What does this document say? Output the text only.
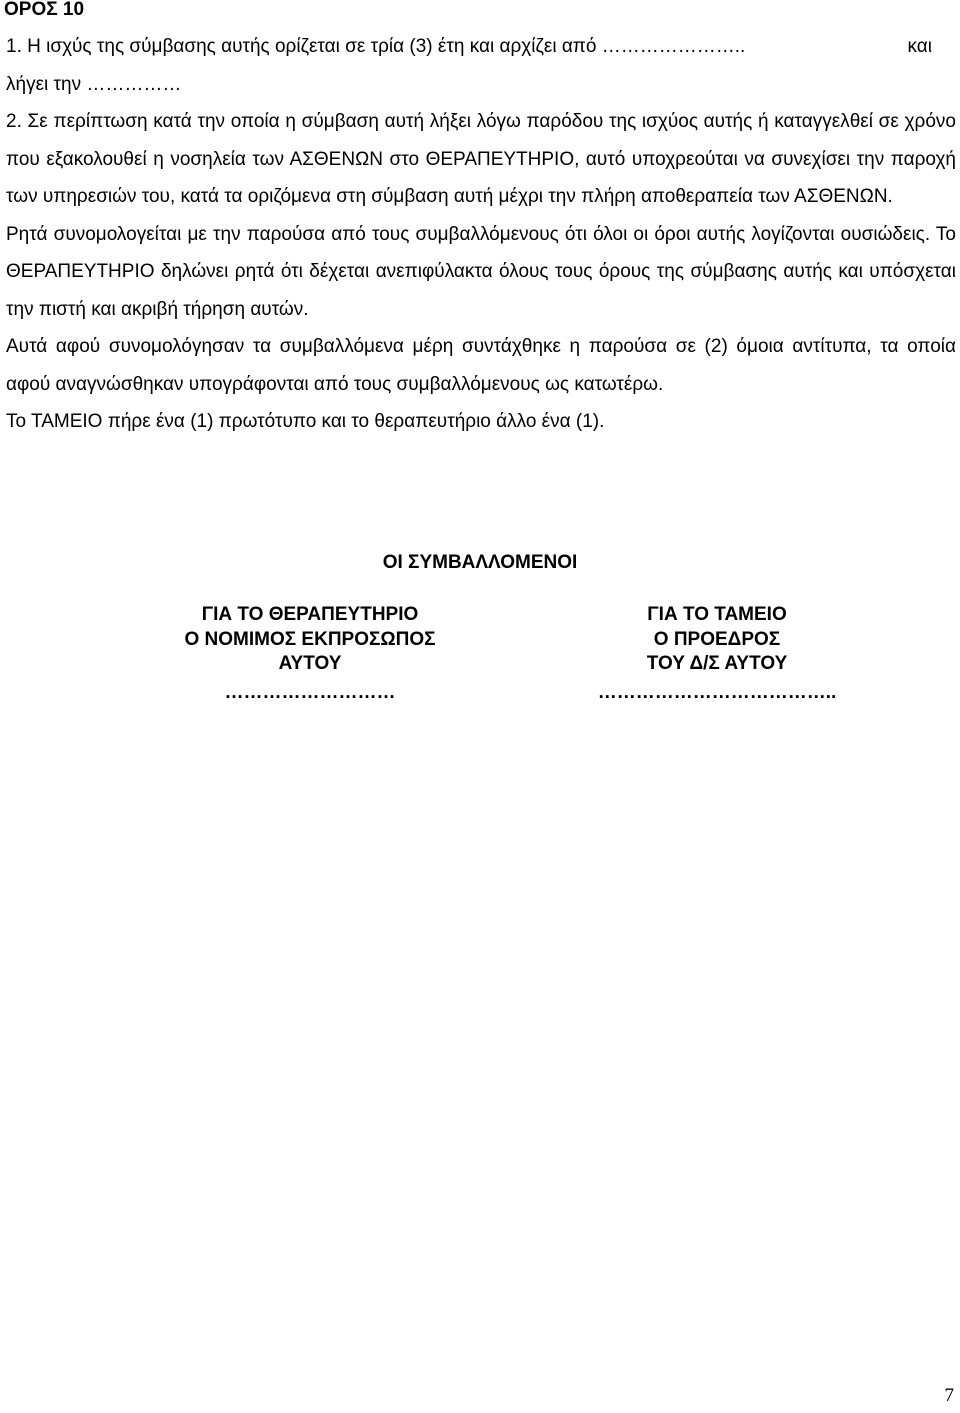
ΟΡΟΣ 10
1. Η ισχύς της σύμβασης αυτής ορίζεται σε τρία (3) έτη και αρχίζει από …………………..	και
λήγει την ……………

2. Σε περίπτωση κατά την οποία η σύμβαση αυτή λήξει λόγω παρόδου της ισχύος αυτής ή καταγγελθεί σε χρόνο που εξακολουθεί η νοσηλεία των ΑΣΘΕΝΩΝ στο ΘΕΡΑΠΕΥΤΗΡΙΟ, αυτό υποχρεούται να συνεχίσει την παροχή των υπηρεσιών του, κατά τα οριζόμενα στη σύμβαση αυτή μέχρι την πλήρη αποθεραπεία των ΑΣΘΕΝΩΝ.

Ρητά συνομολογείται με την παρούσα από τους συμβαλλόμενους ότι όλοι οι όροι αυτής λογίζονται ουσιώδεις. Το ΘΕΡΑΠΕΥΤΗΡΙΟ δηλώνει ρητά ότι δέχεται ανεπιφύλακτα όλους τους όρους της σύμβασης αυτής και υπόσχεται την πιστή και ακριβή τήρηση αυτών.

Αυτά αφού συνομολόγησαν τα συμβαλλόμενα μέρη συντάχθηκε η παρούσα σε (2) όμοια αντίτυπα, τα οποία αφού αναγνώσθηκαν υπογράφονται από τους συμβαλλόμενους ως κατωτέρω.

Το ΤΑΜΕΙΟ πήρε ένα (1) πρωτότυπο και το θεραπευτήριο άλλο ένα (1).

ΟΙ ΣΥΜΒΑΛΛΟΜΕΝΟΙ
ΓΙΑ ΤΟ ΘΕΡΑΠΕΥΤΗΡΙΟ
Ο ΝΟΜΙΜΟΣ ΕΚΠΡΟΣΩΠΟΣ
ΑΥΤΟΥ
………………………
ΓΙΑ ΤΟ ΤΑΜΕΙΟ
Ο ΠΡΟΕΔΡΟΣ
ΤΟΥ Δ/Σ ΑΥΤΟΥ
………………………………..
7
